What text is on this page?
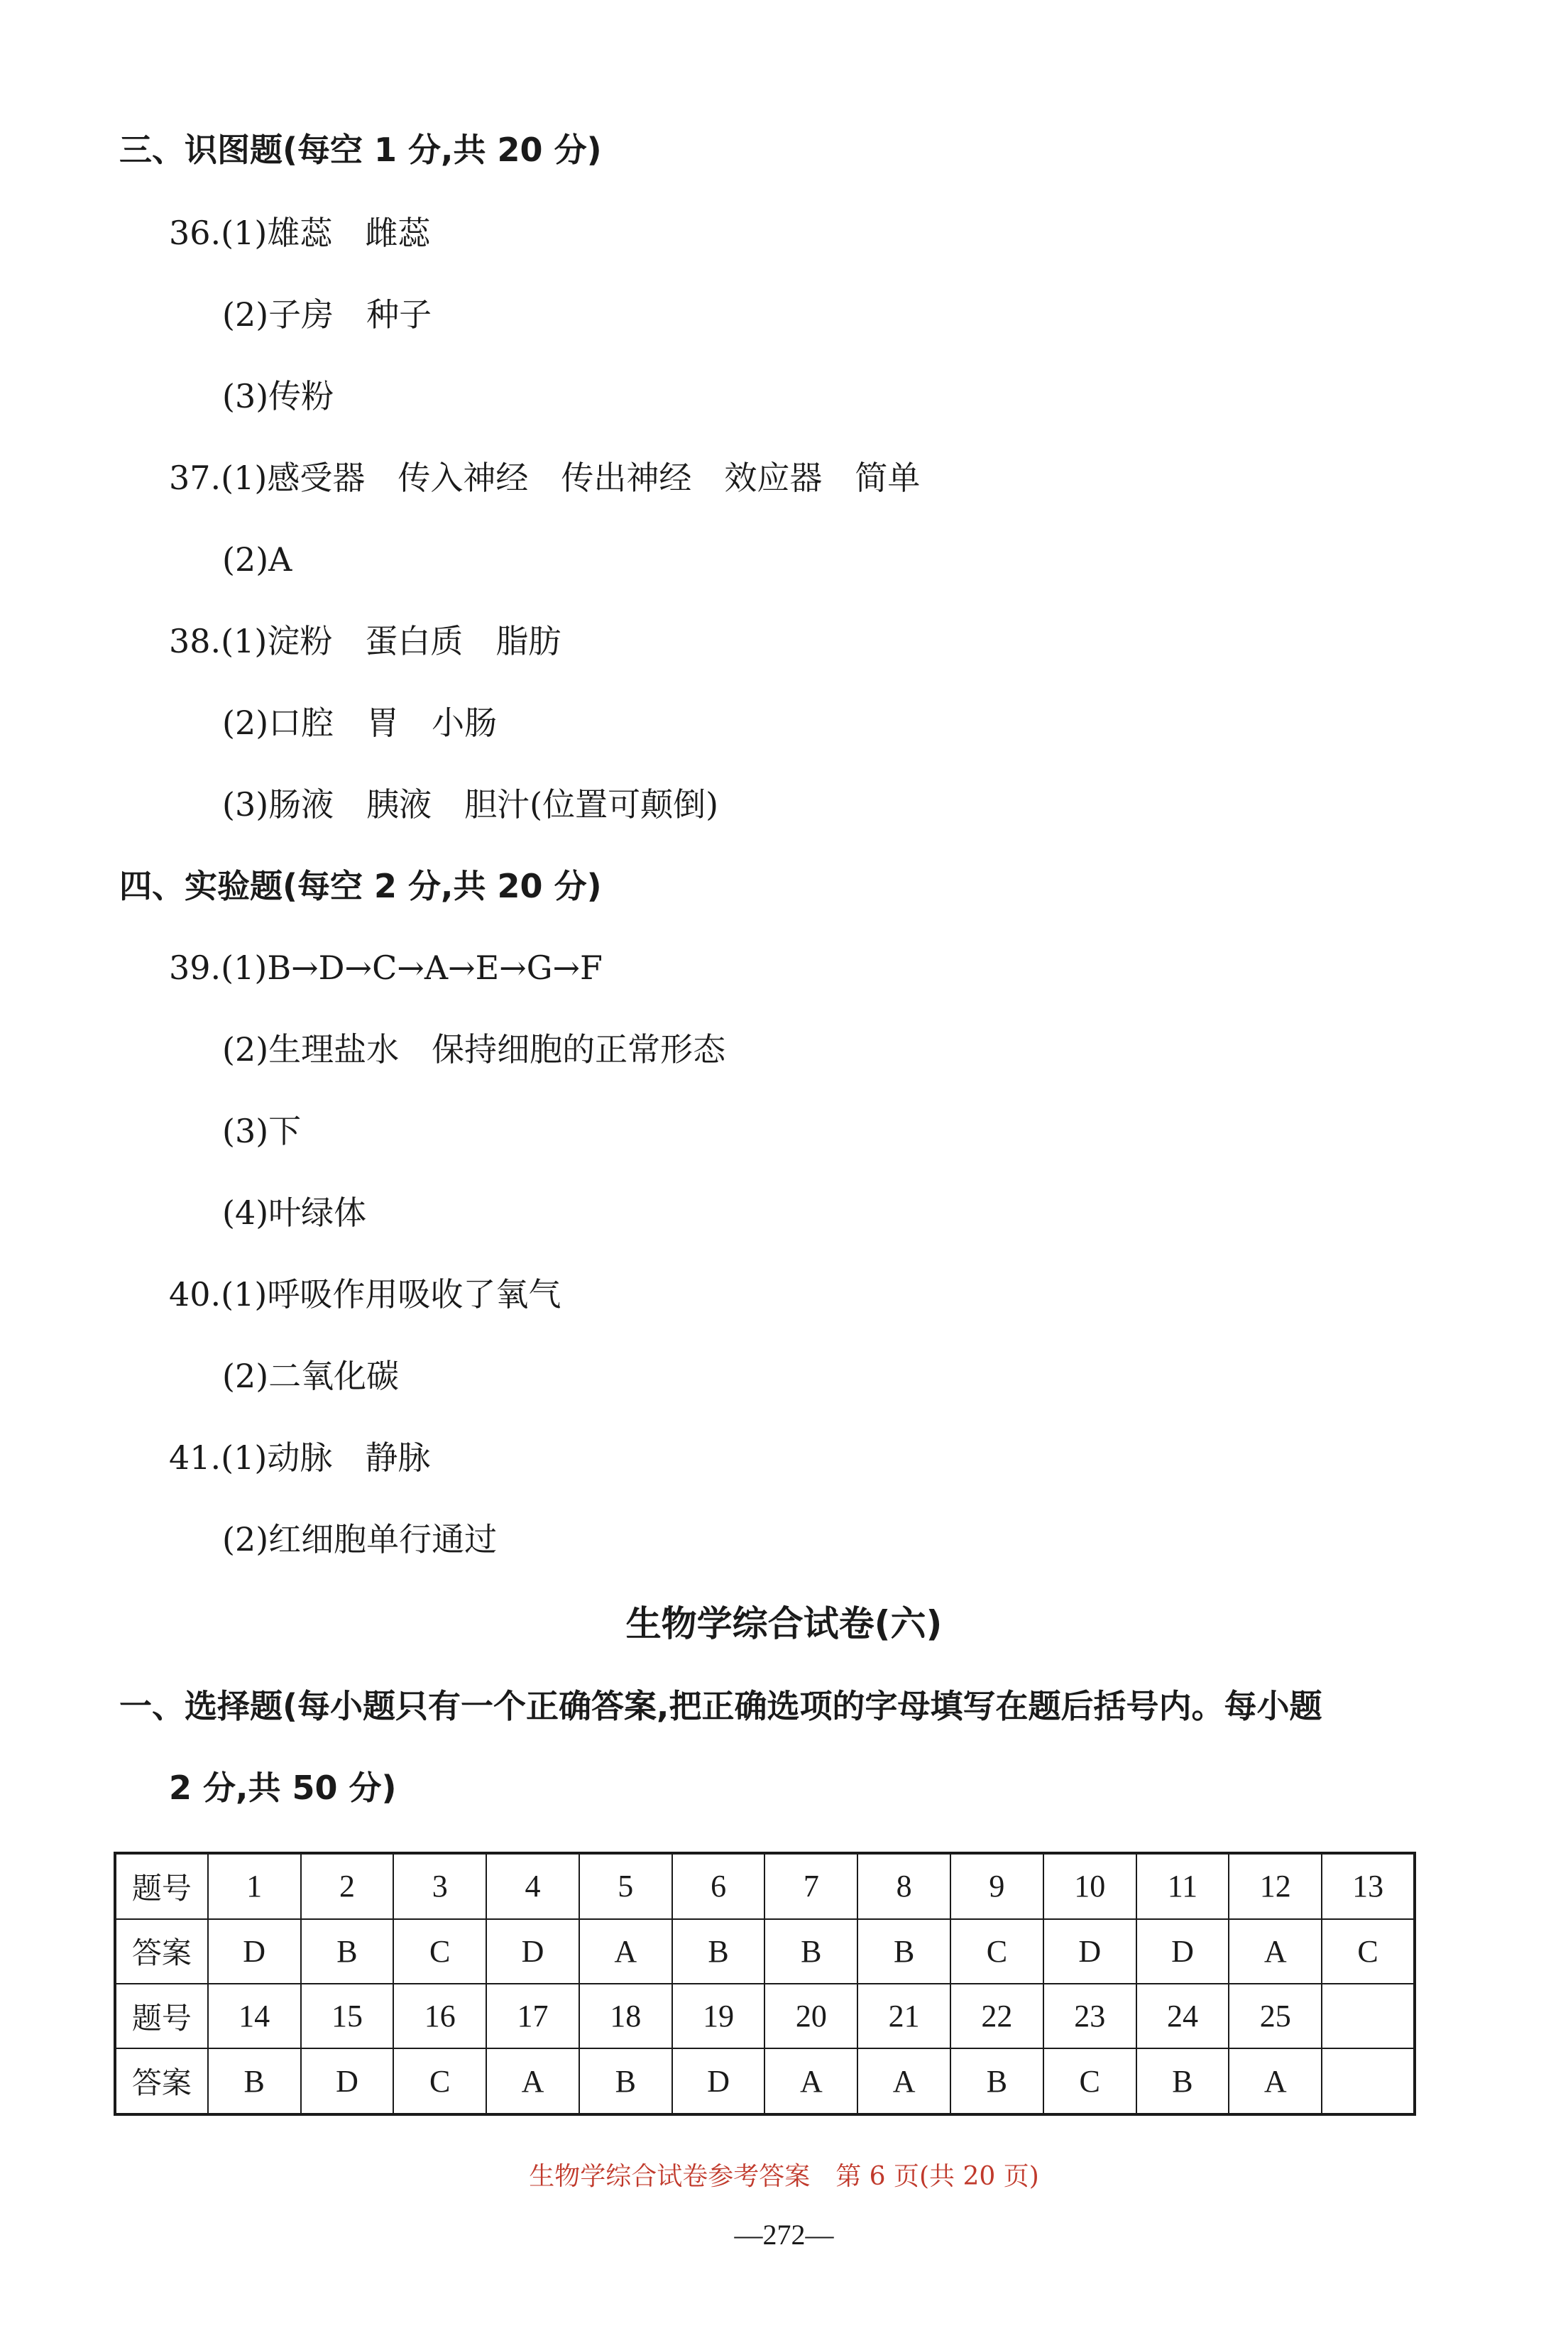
三、识图题(每空 1 分,共 20 分)
36.(1)雄蕊　雌蕊
(2)子房　种子
(3)传粉
37.(1)感受器　传入神经　传出神经　效应器　简单
(2)A
38.(1)淀粉　蛋白质　脂肪
(2)口腔　胃　小肠
(3)肠液　胰液　胆汁(位置可颠倒)
四、实验题(每空 2 分,共 20 分)
39.(1)B→D→C→A→E→G→F
(2)生理盐水　保持细胞的正常形态
(3)下
(4)叶绿体
40.(1)呼吸作用吸收了氧气
(2)二氧化碳
41.(1)动脉　静脉
(2)红细胞单行通过
生物学综合试卷(六)
一、选择题(每小题只有一个正确答案,把正确选项的字母填写在题后括号内。每小题
2 分,共 50 分)
题号	1	2	3	4	5	6	7	8	9	10	11	12	13
答案	D	B	C	D	A	B	B	B	C	D	D	A	C
题号	14	15	16	17	18	19	20	21	22	23	24	25	
答案	B	D	C	A	B	D	A	A	B	C	B	A	
生物学综合试卷参考答案　第 6 页(共 20 页)
—272—
